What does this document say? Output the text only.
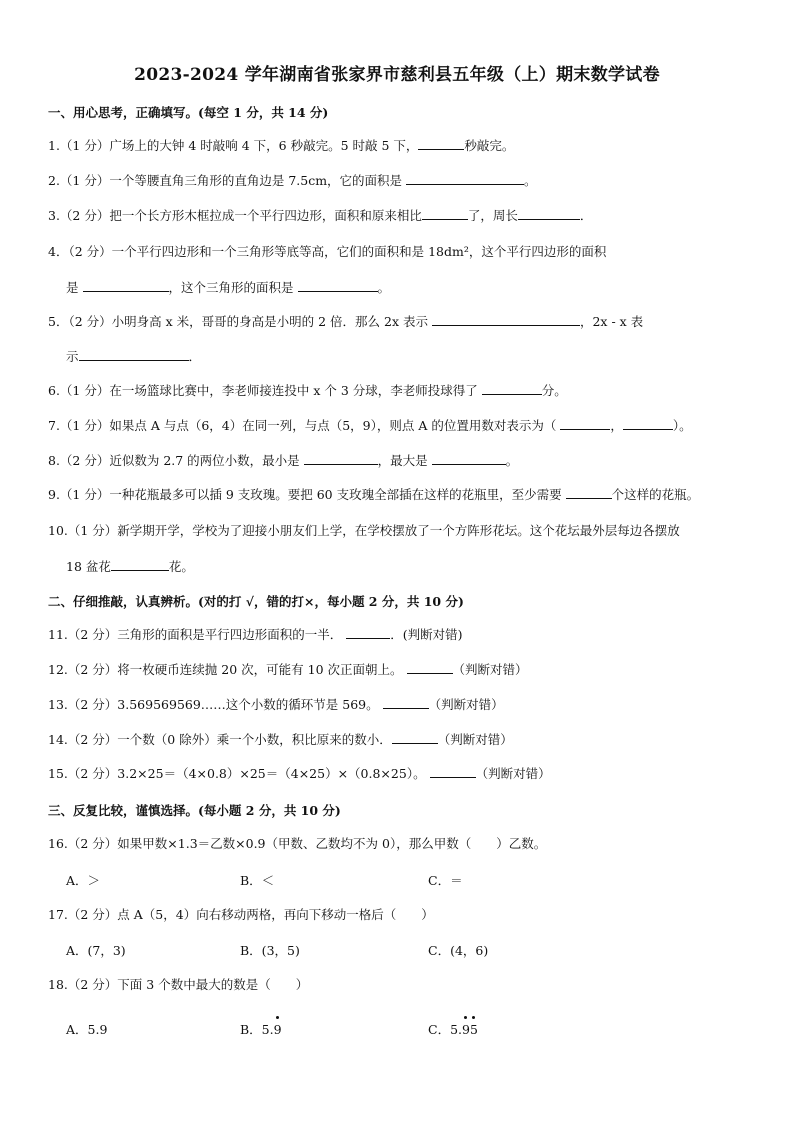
2023-2024 学年湖南省张家界市慈利县五年级（上）期末数学试卷
一、用心思考，正确填写。(每空 1 分，共 14 分)
1.（1 分）广场上的大钟 4 时敲响 4 下，6 秒敲完。5 时敲 5 下，	秒敲完。
2.（1 分）一个等腰直角三角形的直角边是 7.5cm，它的面积是	。
3.（2 分）把一个长方形木框拉成一个平行四边形，面积和原来相比	了，周长	．
4．（2 分）一个平行四边形和一个三角形等底等高，它们的面积和是 18dm²，这个平行四边形的面积
是	，这个三角形的面积是	。
5．（2 分）小明身高 x 米，哥哥的身高是小明的 2 倍．那么 2x 表示	，2x - x 表
示	．
6.（1 分）在一场篮球比赛中，李老师接连投中 x 个 3 分球，李老师投球得了	分。
7.（1 分）如果点 A 与点（6，4）在同一列，与点（5，9），则点 A 的位置用数对表示为（	，	）。
8.（2 分）近似数为 2.7 的两位小数，最小是	，最大是	。
9.（1 分）一种花瓶最多可以插 9 支玫瑰。要把 60 支玫瑰全部插在这样的花瓶里，至少需要	个这样的花瓶。
10.（1 分）新学期开学，学校为了迎接小朋友们上学，在学校摆放了一个方阵形花坛。这个花坛最外层每边各摆放
18 盆花	花。
二、仔细推敲，认真辨析。(对的打 √，错的打×，每小题 2 分，共 10 分)
11.（2 分）三角形的面积是平行四边形面积的一半．	．(判断对错)
12.（2 分）将一枚硬币连续抛 20 次，可能有 10 次正面朝上。	（判断对错）
13.（2 分）3.569569569……这个小数的循环节是 569。	（判断对错）
14.（2 分）一个数（0 除外）乘一个小数，积比原来的数小．	（判断对错）
15.（2 分）3.2×25＝（4×0.8）×25＝（4×25）×（0.8×25）。	（判断对错）
三、反复比较，谨慎选择。(每小题 2 分，共 10 分)
16.（2 分）如果甲数×1.3＝乙数×0.9（甲数、乙数均不为 0），那么甲数（　　）乙数。
A．＞	B．＜	C．＝
17.（2 分）点 A（5，4）向右移动两格，再向下移动一格后（　　）
A．(7，3)	B．(3，5)	C．(4，6)
18.（2 分）下面 3 个数中最大的数是（　　）
A．5.9	B．5.9	C．5.95
